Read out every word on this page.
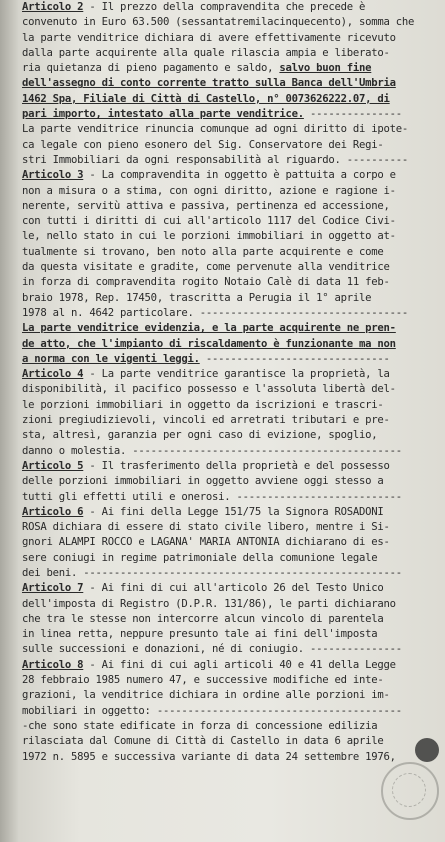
Articolo 2 - Il prezzo della compravendita che precede è
convenuto in Euro 63.500 (sessantatremilacinquecento), somma che
la parte venditrice dichiara di avere effettivamente ricevuto
dalla parte acquirente alla quale rilascia ampia e liberato-
ria quietanza di pieno pagamento e saldo, salvo buon fine
dell'assegno di conto corrente tratto sulla Banca dell'Umbria
1462 Spa, Filiale di Città di Castello, n° 0073626222.07, di
pari importo, intestato alla parte venditrice. ---------------
La parte venditrice rinuncia comunque ad ogni diritto di ipote-
ca legale con pieno esonero del Sig. Conservatore dei Regi-
stri Immobiliari da ogni responsabilità al riguardo. ----------
Articolo 3 - La compravendita in oggetto è pattuita a corpo e
non a misura o a stima, con ogni diritto, azione e ragione i-
nerente, servitù attiva e passiva, pertinenza ed accessione,
con tutti i diritti di cui all'articolo 1117 del Codice Civi-
le, nello stato in cui le porzioni immobiliari in oggetto at-
tualmente si trovano, ben noto alla parte acquirente e come
da questa visitate e gradite, come pervenute alla venditrice
in forza di compravendita rogito Notaio Calè di data 11 feb-
braio 1978, Rep. 17450, trascritta a Perugia il 1° aprile
1978 al n. 4642 particolare. ----------------------------------
La parte venditrice evidenzia, e la parte acquirente ne pren-
de atto, che l'impianto di riscaldamento è funzionante ma non
a norma con le vigenti leggi. ------------------------------
Articolo 4 - La parte venditrice garantisce la proprietà, la
disponibilità, il pacifico possesso e l'assoluta libertà del-
le porzioni immobiliari in oggetto da iscrizioni e trascri-
zioni pregiudizievoli, vincoli ed arretrati tributari e pre-
sta, altresì, garanzia per ogni caso di evizione, spoglio,
danno o molestia. --------------------------------------------
Articolo 5 - Il trasferimento della proprietà e del possesso
delle porzioni immobiliari in oggetto avviene oggi stesso a
tutti gli effetti utili e onerosi. ---------------------------
Articolo 6 - Ai fini della Legge 151/75 la Signora ROSADONI
ROSA dichiara di essere di stato civile libero, mentre i Si-
gnori ALAMPI ROCCO e LAGANA' MARIA ANTONIA dichiarano di es-
sere coniugi in regime patrimoniale della comunione legale
dei beni. ----------------------------------------------------
Articolo 7 - Ai fini di cui all'articolo 26 del Testo Unico
dell'imposta di Registro (D.P.R. 131/86), le parti dichiarano
che tra le stesse non intercorre alcun vincolo di parentela
in linea retta, neppure presunto tale ai fini dell'imposta
sulle successioni e donazioni, né di coniugio. ---------------
Articolo 8 - Ai fini di cui agli articoli 40 e 41 della Legge
28 febbraio 1985 numero 47, e successive modifiche ed inte-
grazioni, la venditrice dichiara in ordine alle porzioni im-
mobiliari in oggetto: ----------------------------------------
-che sono state edificate in forza di concessione edilizia
rilasciata dal Comune di Città di Castello in data 6 aprile
1972 n. 5895 e successiva variante di data 24 settembre 1976,
